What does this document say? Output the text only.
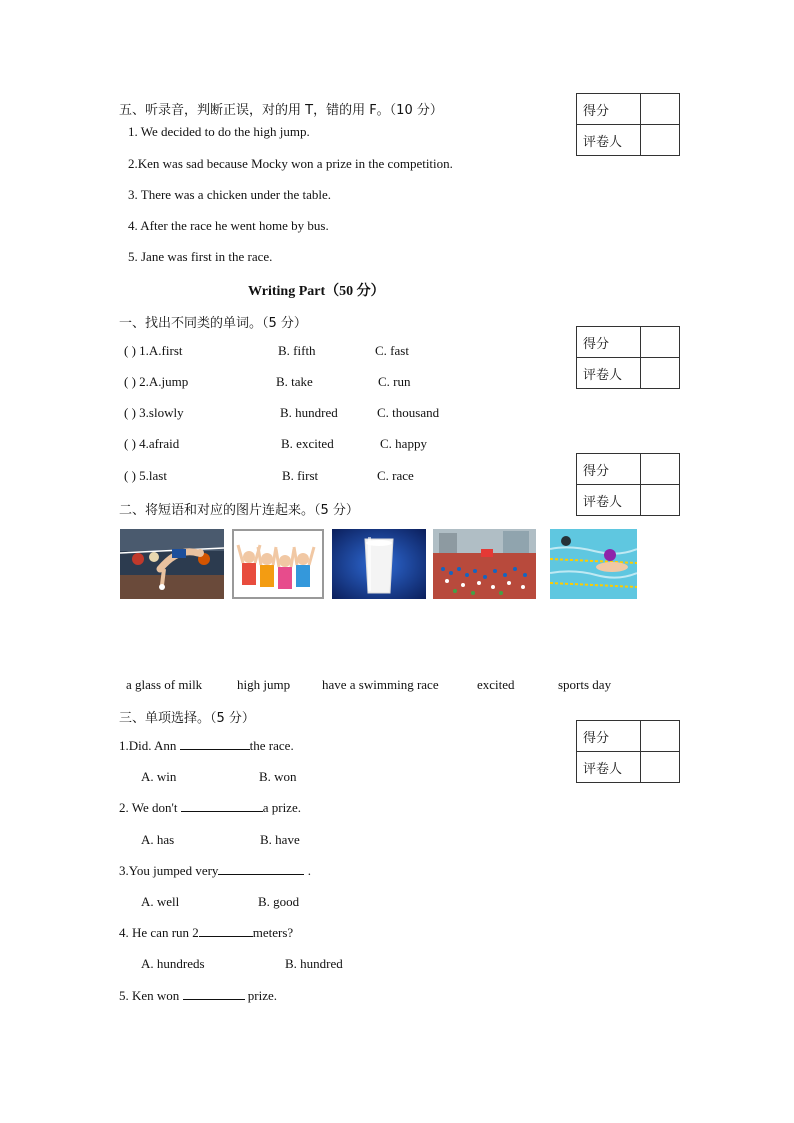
五、听录音，判断正误，对的用 T，错的用 F。（10 分）
1. We decided to do the high jump.
2.Ken was sad because Mocky won a prize in the competition.
3. There was a chicken under the table.
4. After the race he went home by bus.
5. Jane was first in the race.
得分	
评卷人	
得分	
评卷人	
得分	
评卷人	
得分	
评卷人	
Writing Part（50 分）
一、找出不同类的单词。（5 分）
( ) 1.A.first	B. fifth	C. fast
( ) 2.A.jump	B. take	C. run
( ) 3.slowly	B. hundred	C. thousand
( ) 4.afraid	B. excited	C. happy
( ) 5.last	B. first	C. race
二、将短语和对应的图片连起来。（5 分）
a glass of milk	high jump have a swimming race	excited	sports day
三、单项选择。（5 分）
1.Did. Ann	the race.
A. win	B. won
2. We don't	a prize.
A. has	B. have
3.You jumped very	.
A. well	B. good
4. He can run 2	meters?
A. hundreds	B. hundred
5. Ken won	prize.
